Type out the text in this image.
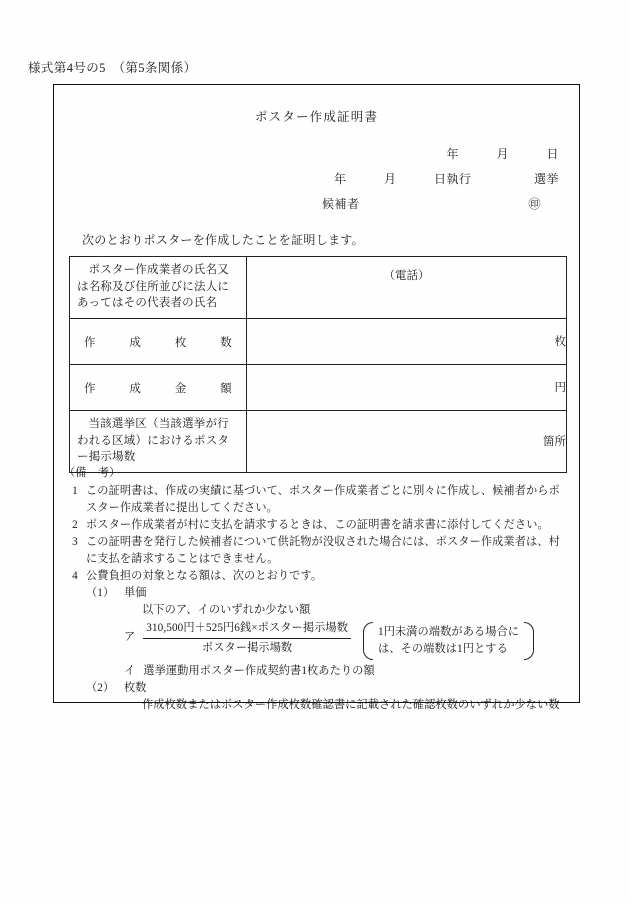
様式第4号の5　（第5条関係）
ポスター作成証明書
年　　　月　　　日
年　　　月　　　日執行　　　　　選挙
候補者	㊞
次のとおりポスターを作成したことを証明します。
ポスター作成業者の氏名又は名称及び住所並びに法人にあってはその代表者の氏名	（電話）

作 成 枚 数	枚

作 成 金 額	円

当該選挙区（当該選挙が行われる区域）におけるポスター掲示場数	箇所
（備　考）
1 この証明書は、作成の実績に基づいて、ポスター作成業者ごとに別々に作成し、候補者からポ
スター作成業者に提出してください。
2 ポスター作成業者が村に支払を請求するときは、この証明書を請求書に添付してください。
3 この証明書を発行した候補者について供託物が没収された場合には、ポスター作成業者は、村
に支払を請求することはできません。
4 公費負担の対象となる額は、次のとおりです。
（1） 単価
以下のア、イのいずれか少ない額
ア $\frac{\text{310,500円＋525円6銭×ポスター掲示場数}}{\text{ポスター掲示場数}} 1$円未満の端数がある場合に
は、その端数は1円とする
イ 選挙運動用ポスター作成契約書1枚あたりの額
（2） 枚数
作成枚数またはポスター作成枚数確認書に記載された確認枚数のいずれか少ない数
